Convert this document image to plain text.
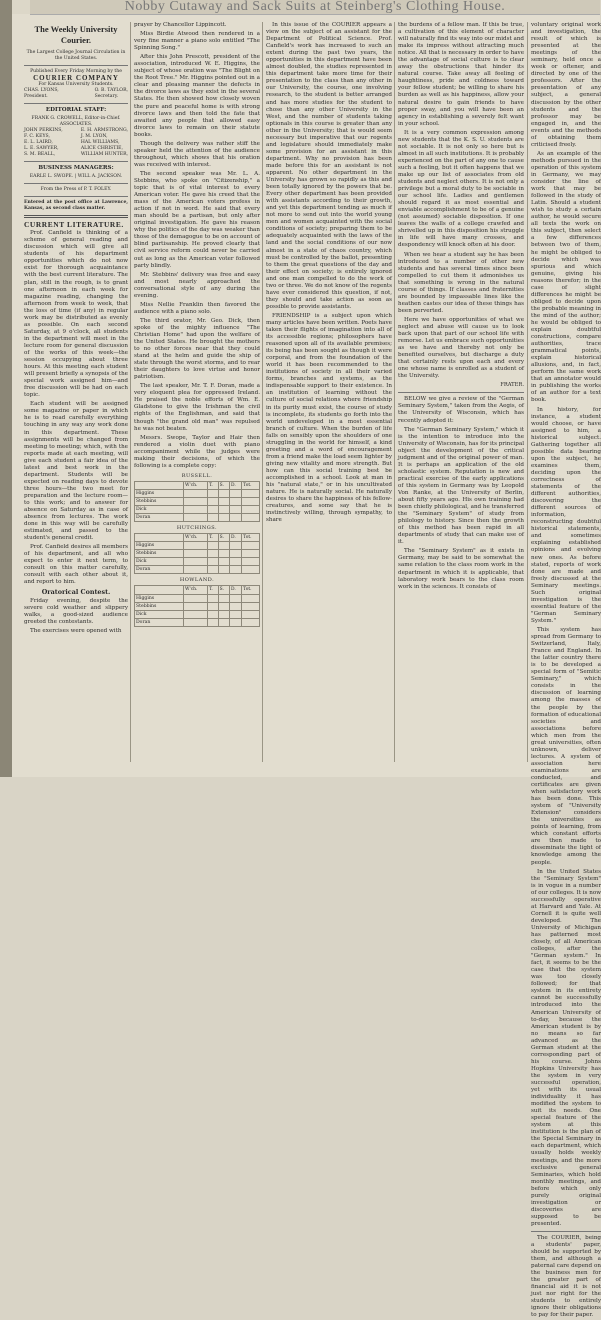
Nobby Cutaway and Sack Suits at Steinberg's Clothing House.
The Weekly University Courier.
The Largest College Journal Circulation in the United States.
Published Every Friday Morning by the
COURIER COMPANY
For Kansas University Students.
CHAS. LYONS,
President.
O. B. TAYLOR,
Secretary.
EDITORIAL STAFF:
FRANK G. CROWELL, Editor-in-Chief.
ASSOCIATES.
JOHN PERKINS,
F. C. KEYS,
E. L. LAIRD,
L. E. SAWYER,
S. M. BEALL,
E. H. ARMSTRONG,
J. M. LYON,
HAL WILLIAMS,
ALICE CHRISTIE,
WILLIAM HUNTER,
BUSINESS MANAGERS:
EARLE L. SWOPE. | WILL A. JACKSON.
From the Press of P. T. FOLEY.
Entered at the post office at Lawrence, Kansas, as second class matter.
CURRENT LITERATURE.

Prof. Canfield is thinking of a scheme of general reading and discussion which will give all students of his department opportunities which do not now exist for thorough acquaintance with the best current literature. The plan, still in the rough, is to grant one afternoon in each week for magazine reading, changing the afternoon from week to week, that the loss of time (if any) in regular work may be distributed as evenly as possible. On each second Saturday, at 9 o'clock, all students in the department will meet in the lecture room for general discussion of the works of this week—the session occupying about three hours. At this meeting each student will present briefly a synopsis of the special work assigned him—and free discussion will be had on each topic.

Each student will be assigned some magazine or paper in which he is to read carefully everything touching in any way any work done in this department. These assignments will be changed from meeting to meeting; which, with the reports made at each meeting, will give each student a fair idea of the latest and best work in the department. Students will be expected on reading days to devote three hours—the two meet for preparation and the lecture room—to this work; and to answer for absence on Saturday as in case of absence from lectures. The work done in this way will be carefully estimated, and passed to the student's general credit.

Prof. Canfield desires all members of his department, and all who expect to enter it next term, to consult on this matter carefully, consult with each other about it, and report to him.

Oratorical Contest.

Friday evening, despite the severe cold weather and slippery walks, a good-sized audience greeted the contestants.

The exercises were opened with

prayer by Chancellor Lippincott.

Miss Birdie Atwood then rendered in a very fine manner a piano solo entitled "The Spinning Song."

After this John Prescott, president of the association, introduced W. E. Higgins, the subject of whose oration was "The Blight on the Root Tree." Mr. Higgins pointed out in a clear and pleasing manner the defects in the divorce laws as they exist in the several States. He then showed how closely woven the pure and peaceful home is with strong divorce laws and then told the fate that awaited any people that allowed easy divorce laws to remain on their statute books.

Though the delivery was rather stiff the speaker held the attention of the audience throughout, which shows that his oration was received with interest.

The second speaker was Mr. L. A. Stebbins, who spoke on "Citizenship," a topic that is of vital interest to every American voter. He gave his creed that the mass of the American voters profess in action if not in word. He said that every man should be a partisan, but only after original investigation. He gave his reason why the politics of the day was weaker than those of the demagogue to be on account of blind partisanship. He proved clearly that civil service reform could never be carried out as long as the American voter followed party blindly.

Mr. Stebbins' delivery was free and easy and most nearly approached the conversational style of any during the evening.

Miss Nellie Franklin then favored the audience with a piano solo.

The third orator, Mr. Geo. Dick, then spoke of the mighty influence "The Christian Home" had upon the welfare of the United States. He brought the mothers to no other forces near that they could stand at the helm and guide the ship of state through the worst storms, and to rear their daughters to love virtue and honor patriotism.

The last speaker, Mr. T. F. Doran, made a very eloquent plea for oppressed Ireland. He praised the noble efforts of Wm. E. Gladstone to give the Irishman the civil rights of the Englishman, and said that though "the grand old man" was repulsed he was not beaten.

Messrs. Swope, Taylor and Hair then rendered a violin duet with piano accompaniment while the judges were making their decisions, of which the following is a complete copy:

RUSSELL.
	W'ch.	T.	S.	D.	Tot.
Higgins					
Stebbins					
Dick					
Doran					
HUTCHINGS.
	W'ch.	T.	S.	D.	Tot.
Higgins					
Stebbins					
Dick					
Doran					
HOWLAND.
	W'ch.	T.	S.	D.	Tot.
Higgins					
Stebbins					
Dick					
Doran					

In this issue of the COURIER appears a view on the subject of an assistant for the Department of Political Science. Prof. Canfield's work has increased to such an extent during the past two years, the opportunities in this department have been almost doubled, the studies represented in this department take more time for their presentation to the class than any other in our University, the course, one involving research, to the student is better arranged and has more studies for the student to chose than any other University in the West, and the number of students taking optionals in this course is greater than any other in the University; that is would seem necessary but imperative that our regents and legislature should immediately make some provision for an assistant in this department. Why no provision has been made before this for an assistant is not apparent. No other department in the University has grown so rapidly as this and been totally ignored by the powers that be. Every other department has been provided with assistants according to their growth, and yet this department tending as much if not more to send out into the world young men and women acquainted with the social conditions of society; preparing them to be adequately acquainted with the laws of the land and the social conditions of our now almost in a state of chaos country, which must be controlled by the ballot, presenting to them the great questions of the day and their effect on society; is entirely ignored and one man compelled to do the work of two or three. We do not know of the regents have ever considered this question, if not, they should and take action as soon as possible to provide assistants.

FRIENDSHIP is a subject upon which many articles have been written. Poets have taken their flights of imagination into all of its accessible regions; philosophers have reasoned upon all of its available premises; its being has been sought as though it were corporal, and from the foundation of the world it has been recommended to the institutions of society in all their varied forms, branches and systems, as the indispensable support to their existence. In an institution of learning without the culture of social relations where friendship in its purity must exist, the course of study is incomplete, its students go forth into the world undeveloped in a most essential branch of culture. When the burden of life falls on sensibly upon the shoulders of one struggling in the world for himself, a kind greeting and a word of encouragement from a friend make the load seem lighter by giving new vitality and more strength. But how can this social training best be accomplished in a school. Look at man in his "natural state," or in his uncultivated nature. He is naturally social. He naturally desires to share the happiness of his fellow-creatures, and some say that he is instinctively willing, through sympathy, to share

the burdens of a fellow man. If this be true, a cultivation of this element of character will naturally find its way into our midst and make its impress without attracting much notice. All that is necessary in order to have the advantage of social culture is to clear away the obstructions that hinder its natural course. Take away all feeling of haughtiness, pride and coldness toward your fellow student; be willing to share his burden as well as his happiness, allow your natural desire to gain friends to have proper sway, and you will have been an agency in establishing a severely felt want in your school.

It is a very common expression among new students that the K. S. U. students are not sociable. It is not only so here but is almost in all such institutions. It is probably experienced on the part of any one to cause such a feeling, but it often happens that we make up our list of associates from old students and neglect others. It is not only a privilege but a moral duty to be sociable in our school life. Ladies and gentlemen should regard it as most essential and enviable accomplishment to be of a genuine (not assumed) sociable disposition. If one leaves the walls of a college crawfed and shrivelled up in this disposition his struggle in life will have many crosses, and despondency will knock often at his door.

When we hear a student say he has been introduced to a number of other new students and has several times since been compelled to cut them it admonishes us that something is wrong in the natural course of things. If classes and fraternities are bounded by impassable lines like the heathen castes our idea of these things has been perverted.

Here we have opportunities of what we neglect and abuse will cause us to look back upon that part of our school life with remorse. Let us embrace such opportunities as we have and thereby not only be benefited ourselves, but discharge a duty that certainly rests upon each and every one whose name is enrolled as a student of the University.

FRATER.

BELOW we give a review of the "German Seminary System," taken from the Aegis, of the University of Wisconsin, which has recently adopted it:

The "German Seminary System," which it is the intention to introduce into the University of Wisconsin, has for its principal object the development of the critical judgment and of the original power of man. It is perhaps an application of the old scholastic system. Reputation is new and practical exercise of the early applications of this system in Germany was by Leopold Von Ranke, at the University of Berlin, about fifty years ago. His own training had been chiefly philological, and he transferred the "Seminary System" of study from philology to history. Since then the growth of this method has been rapid in all departments of study that can make use of it.

The "Seminary System" as it exists in Germany, may be said to be somewhat the same relation to the class room work in the department in which it is applicable, that laboratory work bears to the class room work in the sciences. It consists of

voluntary original work and investigation, the result of which is presented at the meetings of the seminary, held once a week or oftener, and directed by one of the professors. After the presentation of any subject, a general discussion by the other students and the professor may be engaged in, and the events and the methods of obtaining them criticised freely.

As an example of the methods pursued in the operation of this system in Germany, we may consider the line of work that may be followed in the study of Latin. Should a student wish to study a certain author, he would secure all texts the work on this subject, then select a few differences between two of them, he might be obliged to decide which was spurious and which genuine, giving his reasons therefor; in the case of slight differences he might be obliged to decide upon the probable meaning in the mind of the author; he would be obliged to explain doubtful constructions, compare authorities, trace grammatical points, explain historical allusions, and, in fact, perform the same work that an annotator would in publishing the works of an author for a text book.

In history, for instance, a student would choose, or have assigned to him, a historical subject. Gathering together all possible data bearing upon the subject, he examines them, deciding upon the correctness of statements of the different authorities, discovering the different sources of information, reconstructing doubtful historical statements, and sometimes explaining established opinions and evolving new ones. As before stated, reports of work done are made and freely discussed at the Seminary meetings. Such original investigation is the essential feature of the "German Seminary System."

This system has spread from Germany to Switzerland, Italy, France and England. In the latter country there is to be developed a special form of "Semitic Seminary," which consists in the discussion of learning among the masses of the people by the formation of educational societies and associations before which men from the great universities, often unknown, deliver lectures. A system of association here examinations are conducted, and certificates are given when satisfactory work has been done. This system of "University Extension" considers the universities as points of learning, from which constant efforts are then made to disseminate the light of knowledge among the people.

In the United States the "Seminary System" is in vogue in a number of our colleges. It is now successfully operative at Harvard and Yale. At Cornell it is quite well developed. The University of Michigan has patterned most closely, of all American colleges, after the "German system." In fact, it seems to be the case that the system was too closely followed; for that system in its entirety cannot be successfully introduced into the American University of to-day, because the American student is by no means so far advanced as the German student at the corresponding part of his course. Johns Hopkins University has the system in very successful operation, yet with its usual individuality it has modified the system to suit its needs. One special feature of the system at this institution is the plan of the Special Seminary in each department, which usually holds weekly meetings, and the more exclusive general Seminaries, which hold monthly meetings, and before which only purely original investigation or discoveries are supposed to be presented.

The COURIER, being a students' paper, should be supported by them, and although a paternal care depend on the business men for the greater part of financial aid it is not just nor right for the students to entirely ignore their obligations to pay for their paper.
